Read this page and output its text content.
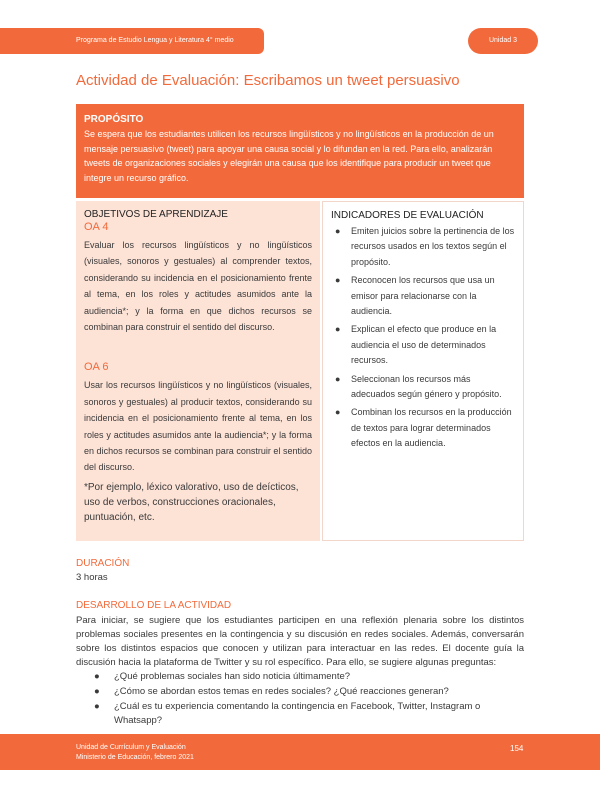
Programa de Estudio Lengua y Literatura 4° medio	Unidad 3
Actividad de Evaluación: Escribamos un tweet persuasivo
PROPÓSITO
Se espera que los estudiantes utilicen los recursos lingüísticos y no lingüísticos en la producción de un mensaje persuasivo (tweet) para apoyar una causa social y lo difundan en la red. Para ello, analizarán tweets de organizaciones sociales y elegirán una causa que los identifique para producir un tweet que integre un recurso gráfico.
OBJETIVOS DE APRENDIZAJE
OA 4
Evaluar los recursos lingüísticos y no lingüísticos (visuales, sonoros y gestuales) al comprender textos, considerando su incidencia en el posicionamiento frente al tema, en los roles y actitudes asumidos ante la audiencia*; y la forma en que dichos recursos se combinan para construir el sentido del discurso.
OA 6
Usar los recursos lingüísticos y no lingüísticos (visuales, sonoros y gestuales) al producir textos, considerando su incidencia en el posicionamiento frente al tema, en los roles y actitudes asumidos ante la audiencia*; y la forma en dichos recursos se combinan para construir el sentido del discurso.
*Por ejemplo, léxico valorativo, uso de deícticos, uso de verbos, construcciones oracionales, puntuación, etc.
INDICADORES DE EVALUACIÓN
● Emiten juicios sobre la pertinencia de los recursos usados en los textos según el propósito.
● Reconocen los recursos que usa un emisor para relacionarse con la audiencia.
● Explican el efecto que produce en la audiencia el uso de determinados recursos.
● Seleccionan los recursos más adecuados según género y propósito.
● Combinan los recursos en la producción de textos para lograr determinados efectos en la audiencia.
DURACIÓN
3 horas
DESARROLLO DE LA ACTIVIDAD
Para iniciar, se sugiere que los estudiantes participen en una reflexión plenaria sobre los distintos problemas sociales presentes en la contingencia y su discusión en redes sociales. Además, conversarán sobre los distintos espacios que conocen y utilizan para interactuar en las redes. El docente guía la discusión hacia la plataforma de Twitter y su rol específico. Para ello, se sugiere algunas preguntas:
● ¿Qué problemas sociales han sido noticia últimamente?
● ¿Cómo se abordan estos temas en redes sociales? ¿Qué reacciones generan?
● ¿Cuál es tu experiencia comentando la contingencia en Facebook, Twitter, Instagram o Whatsapp?
Unidad de Currículum y Evaluación
Ministerio de Educación, febrero 2021
154
